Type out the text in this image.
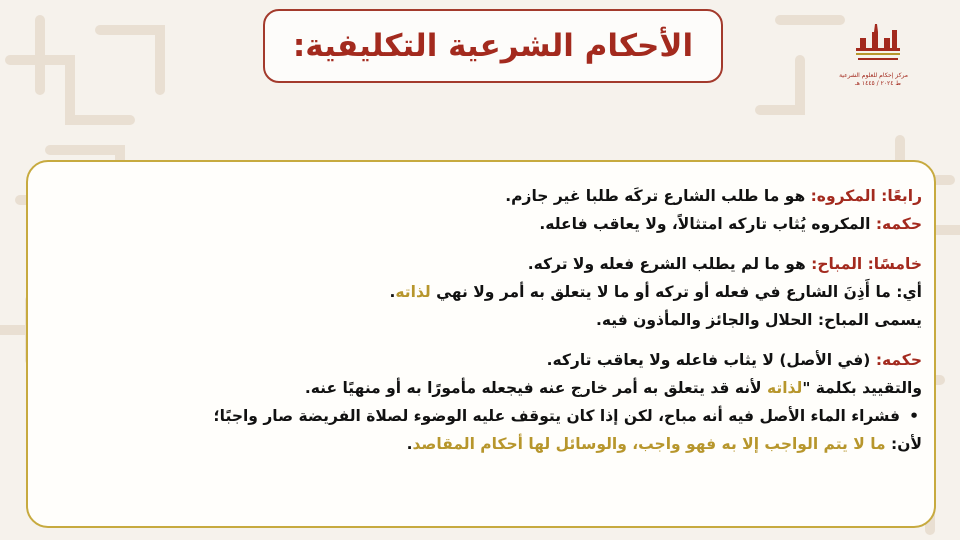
الأحكام الشرعية التكليفية:
مركز إحكام للعلوم الشرعية
ط ٢٠٢٤ / ١٤٤٥ هـ
رابعًا: المكروه: هو ما طلب الشارع تركَه طلبا غير جازم.
حكمه: المكروه يُثاب تاركه امتثالاً، ولا يعاقب فاعله.
خامسًا: المباح: هو ما لم يطلب الشرع فعله ولا تركه.
أي: ما أَذِنَ الشارع في فعله أو تركه أو ما لا يتعلق به أمر ولا نهي لذاته.
يسمى المباح: الحلال والجائز والمأذون فيه.
حكمه: (في الأصل) لا يثاب فاعله ولا يعاقب تاركه.
والتقييد بكلمة "لذاته لأنه قد يتعلق به أمر خارج عنه فيجعله مأمورًا به أو منهيًا عنه.
•
فشراء الماء الأصل فيه أنه مباح، لكن إذا كان يتوقف عليه الوضوء لصلاة الفريضة صار واجبًا؛
لأن: ما لا يتم الواجب إلا به فهو واجب، والوسائل لها أحكام المقاصد.
